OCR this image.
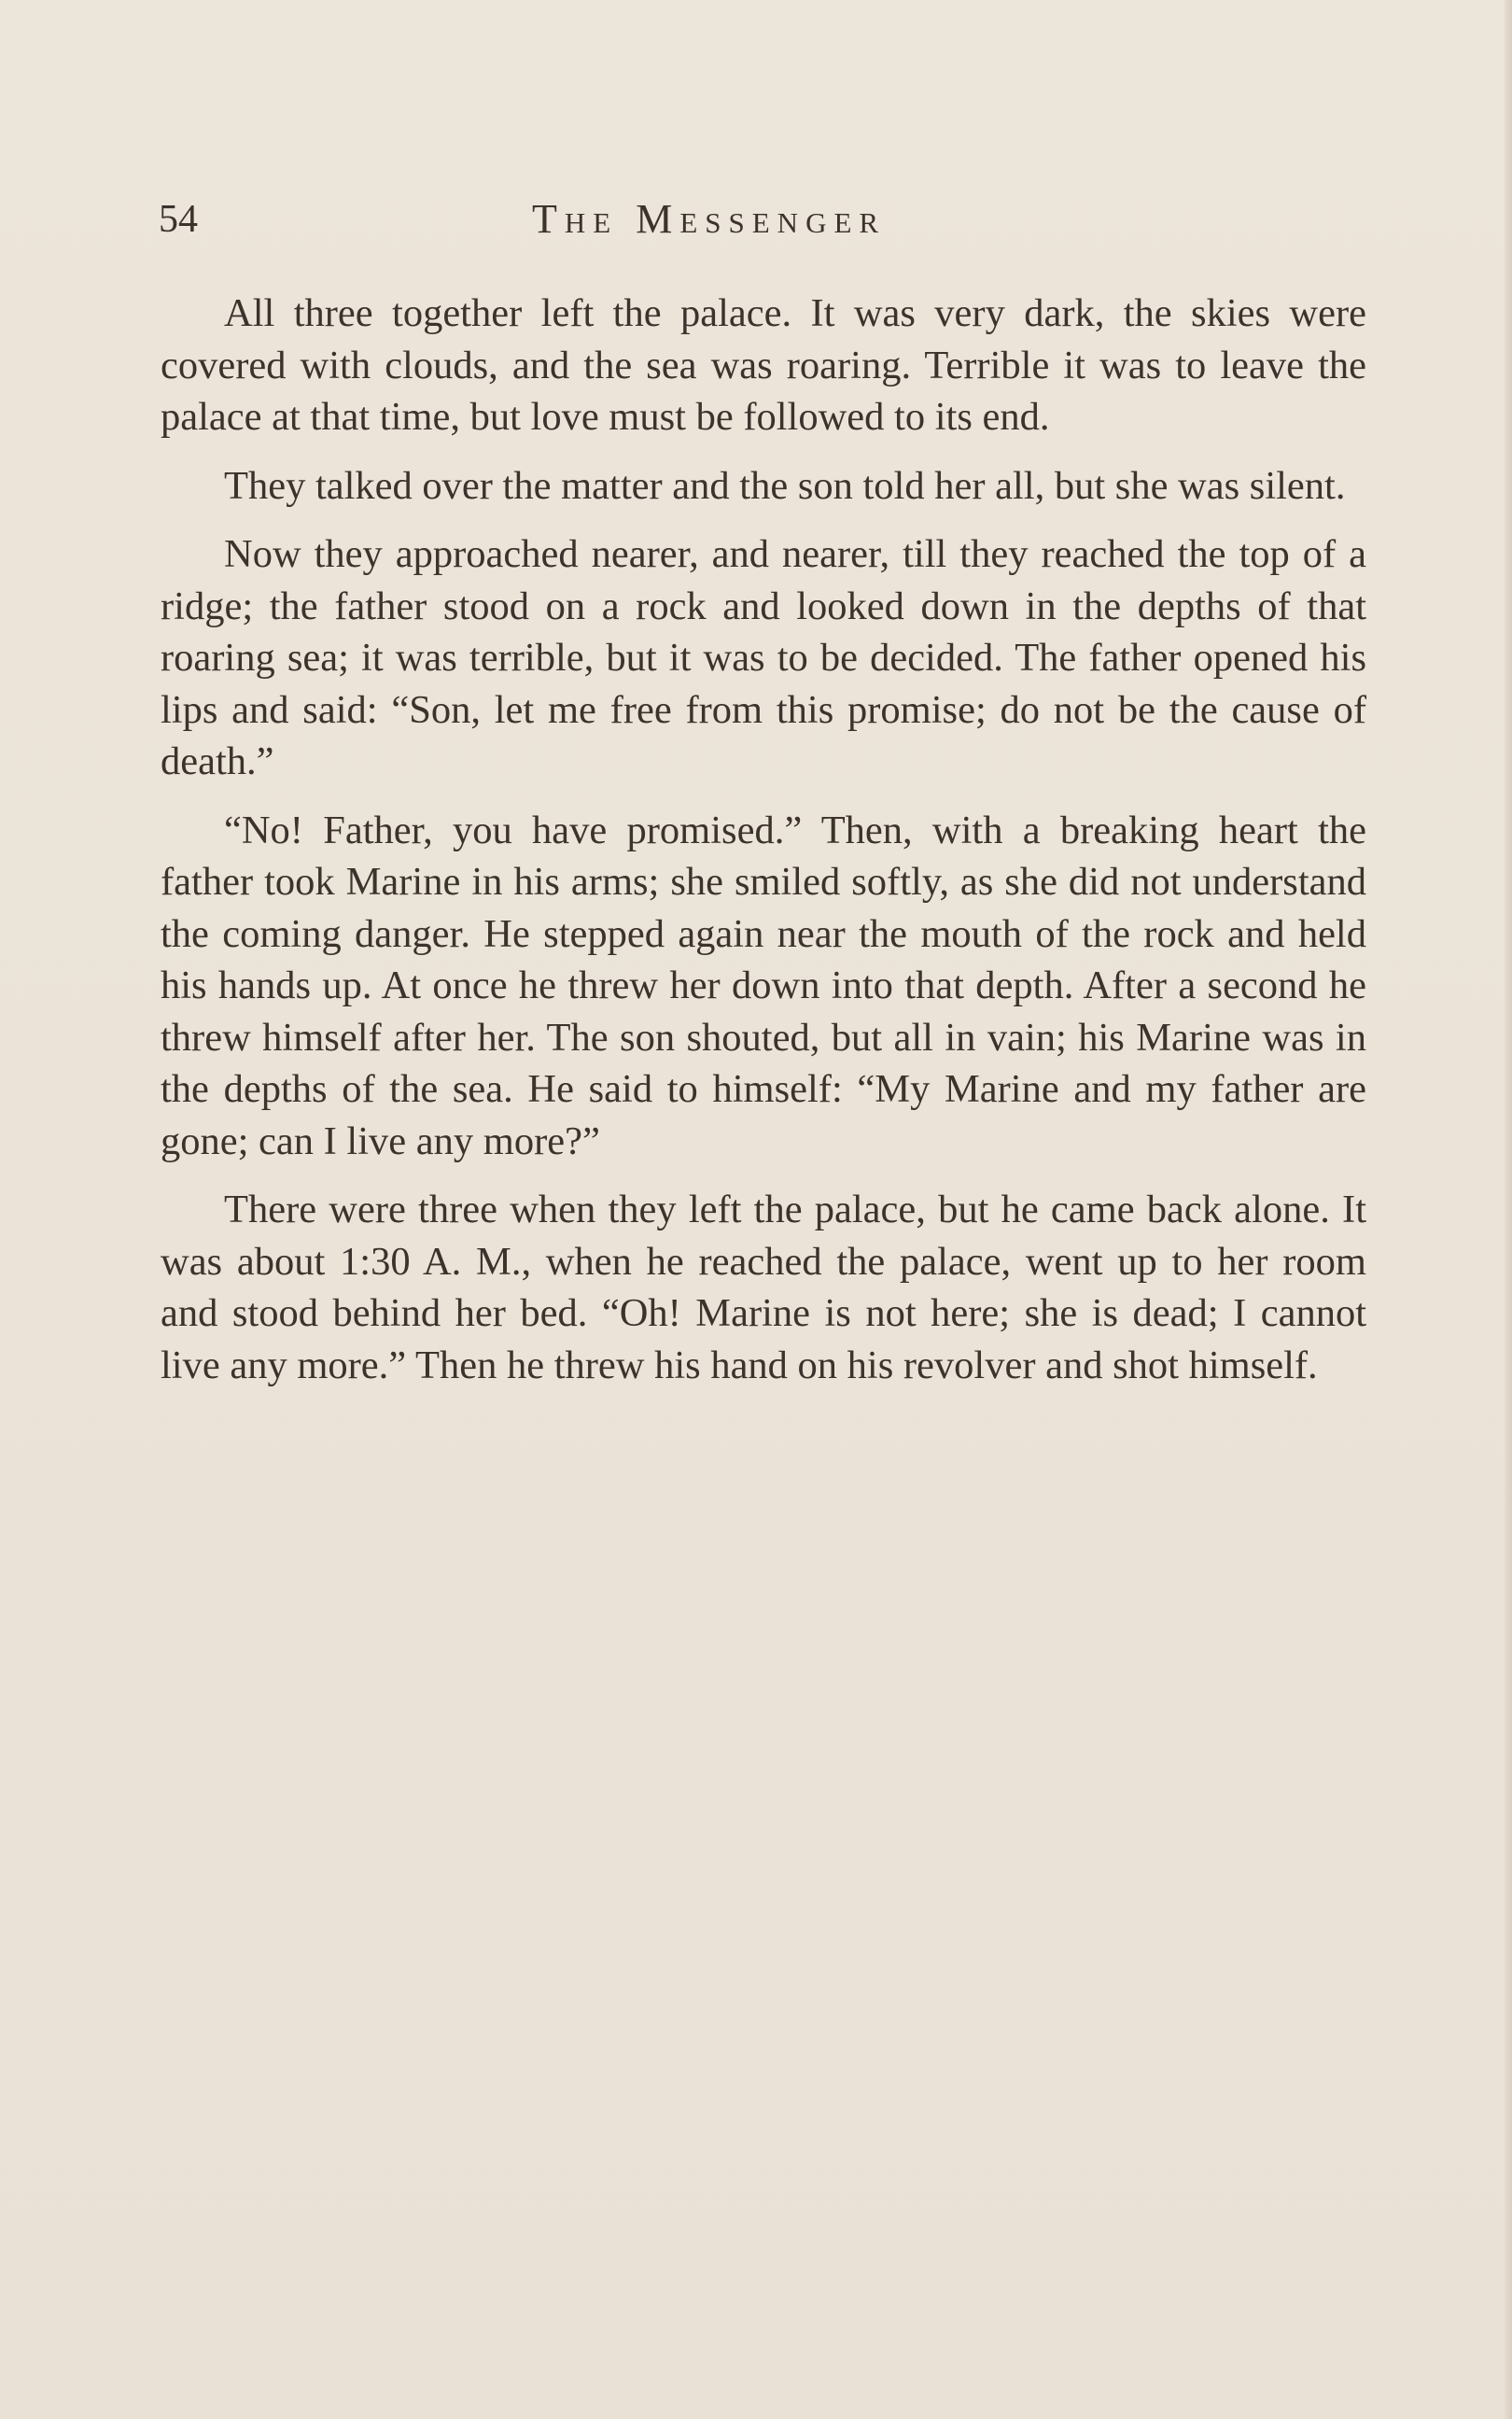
54	The Messenger

All three together left the palace. It was very dark, the skies were covered with clouds, and the sea was roaring. Terrible it was to leave the palace at that time, but love must be followed to its end.

They talked over the matter and the son told her all, but she was silent.

Now they approached nearer, and nearer, till they reached the top of a ridge; the father stood on a rock and looked down in the depths of that roaring sea; it was terrible, but it was to be decided. The father opened his lips and said: “Son, let me free from this promise; do not be the cause of death.”

“No! Father, you have promised.” Then, with a breaking heart the father took Marine in his arms; she smiled softly, as she did not understand the coming danger. He stepped again near the mouth of the rock and held his hands up. At once he threw her down into that depth. After a second he threw himself after her. The son shouted, but all in vain; his Marine was in the depths of the sea. He said to himself: “My Marine and my father are gone; can I live any more?”

There were three when they left the palace, but he came back alone. It was about 1:30 A. M., when he reached the palace, went up to her room and stood behind her bed. “Oh! Marine is not here; she is dead; I cannot live any more.” Then he threw his hand on his revolver and shot himself.
